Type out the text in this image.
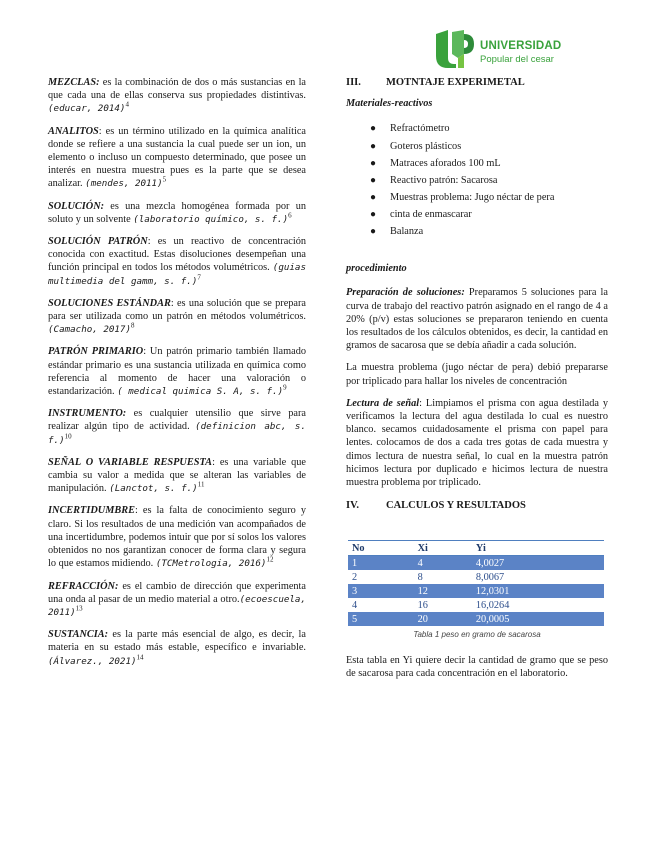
UNIVERSIDAD
Popular del cesar

MEZCLAS: es la combinación de dos o más sustancias en la que cada una de ellas conserva sus propiedades distintivas. (educar, 2014)$^4$

ANALITOS: es un término utilizado en la química analítica donde se refiere a una sustancia la cual puede ser un ion, un elemento o incluso un compuesto determinado, que posee un interés en nuestra muestra pues es la parte que se desea analizar. (mendes, 2011)$^5$

SOLUCIÓN: es una mezcla homogénea formada por un soluto y un solvente (laboratorio químico, s. f.)$^6$

SOLUCIÓN PATRÓN: es un reactivo de concentración conocida con exactitud. Estas disoluciones desempeñan una función principal en todos los métodos volumétricos. (guias multimedia del gamm, s. f.)$^7$

SOLUCIONES ESTÁNDAR: es una solución que se prepara para ser utilizada como un patrón en métodos volumétricos. (Camacho, 2017)$^8$

PATRÓN PRIMARIO: Un patrón primario también llamado estándar primario es una sustancia utilizada en química como referencia al momento de hacer una valoración o estandarización. ( medical quimica S. A, s. f.)$^9$

INSTRUMENTO: es cualquier utensilio que sirve para realizar algún tipo de actividad. (definicion abc, s. f.)$^{10}$

SEÑAL O VARIABLE RESPUESTA: es una variable que cambia su valor a medida que se alteran las variables de manipulación. (Lanctot, s. f.)$^{11}$

INCERTIDUMBRE: es la falta de conocimiento seguro y claro. Si los resultados de una medición van acompañados de una incertidumbre, podemos intuir que por sí solos los valores obtenidos no nos garantizan conocer de forma clara y segura lo que estamos midiendo. (TCMetrologia, 2016)$^{12}$

REFRACCIÓN: es el cambio de dirección que experimenta una onda al pasar de un medio material a otro.(ecoescuela, 2011)$^{13}$

SUSTANCIA: es la parte más esencial de algo, es decir, la materia en su estado más estable, específico e invariable. (Álvarez., 2021)$^{14}$

III.	MOTNTAJE EXPERIMETAL
Materiales-reactivos
● Refractómetro
● Goteros plásticos
● Matraces aforados 100 mL
● Reactivo patrón: Sacarosa
● Muestras problema: Jugo néctar de pera
● cinta de enmascarar
● Balanza
procedimiento

Preparación de soluciones: Preparamos 5 soluciones para la curva de trabajo del reactivo patrón asignado en el rango de 4 a 20% (p/v) estas soluciones se prepararon teniendo en cuenta los resultados de los cálculos obtenidos, es decir, la cantidad en gramos de sacarosa que se debía añadir a cada solución.

La muestra problema (jugo néctar de pera) debió prepararse por triplicado para hallar los niveles de concentración

Lectura de señal: Limpiamos el prisma con agua destilada y verificamos la lectura del agua destilada lo cual es nuestro blanco. secamos cuidadosamente el prisma con papel para lentes. colocamos de dos a cada tres gotas de cada muestra y dimos lectura de nuestra señal, lo cual en la muestra patrón hicimos lectura por duplicado e hicimos lectura de nuestra muestra problema por triplicado.

IV.	CALCULOS Y RESULTADOS
No	Xi	Yi
1	4	4,0027
2	8	8,0067
3	12	12,0301
4	16	16,0264
5	20	20,0005
Tabla 1 peso en gramo de sacarosa

Esta tabla en Yi quiere decir la cantidad de gramo que se peso de sacarosa para cada concentración en el laboratorio.
